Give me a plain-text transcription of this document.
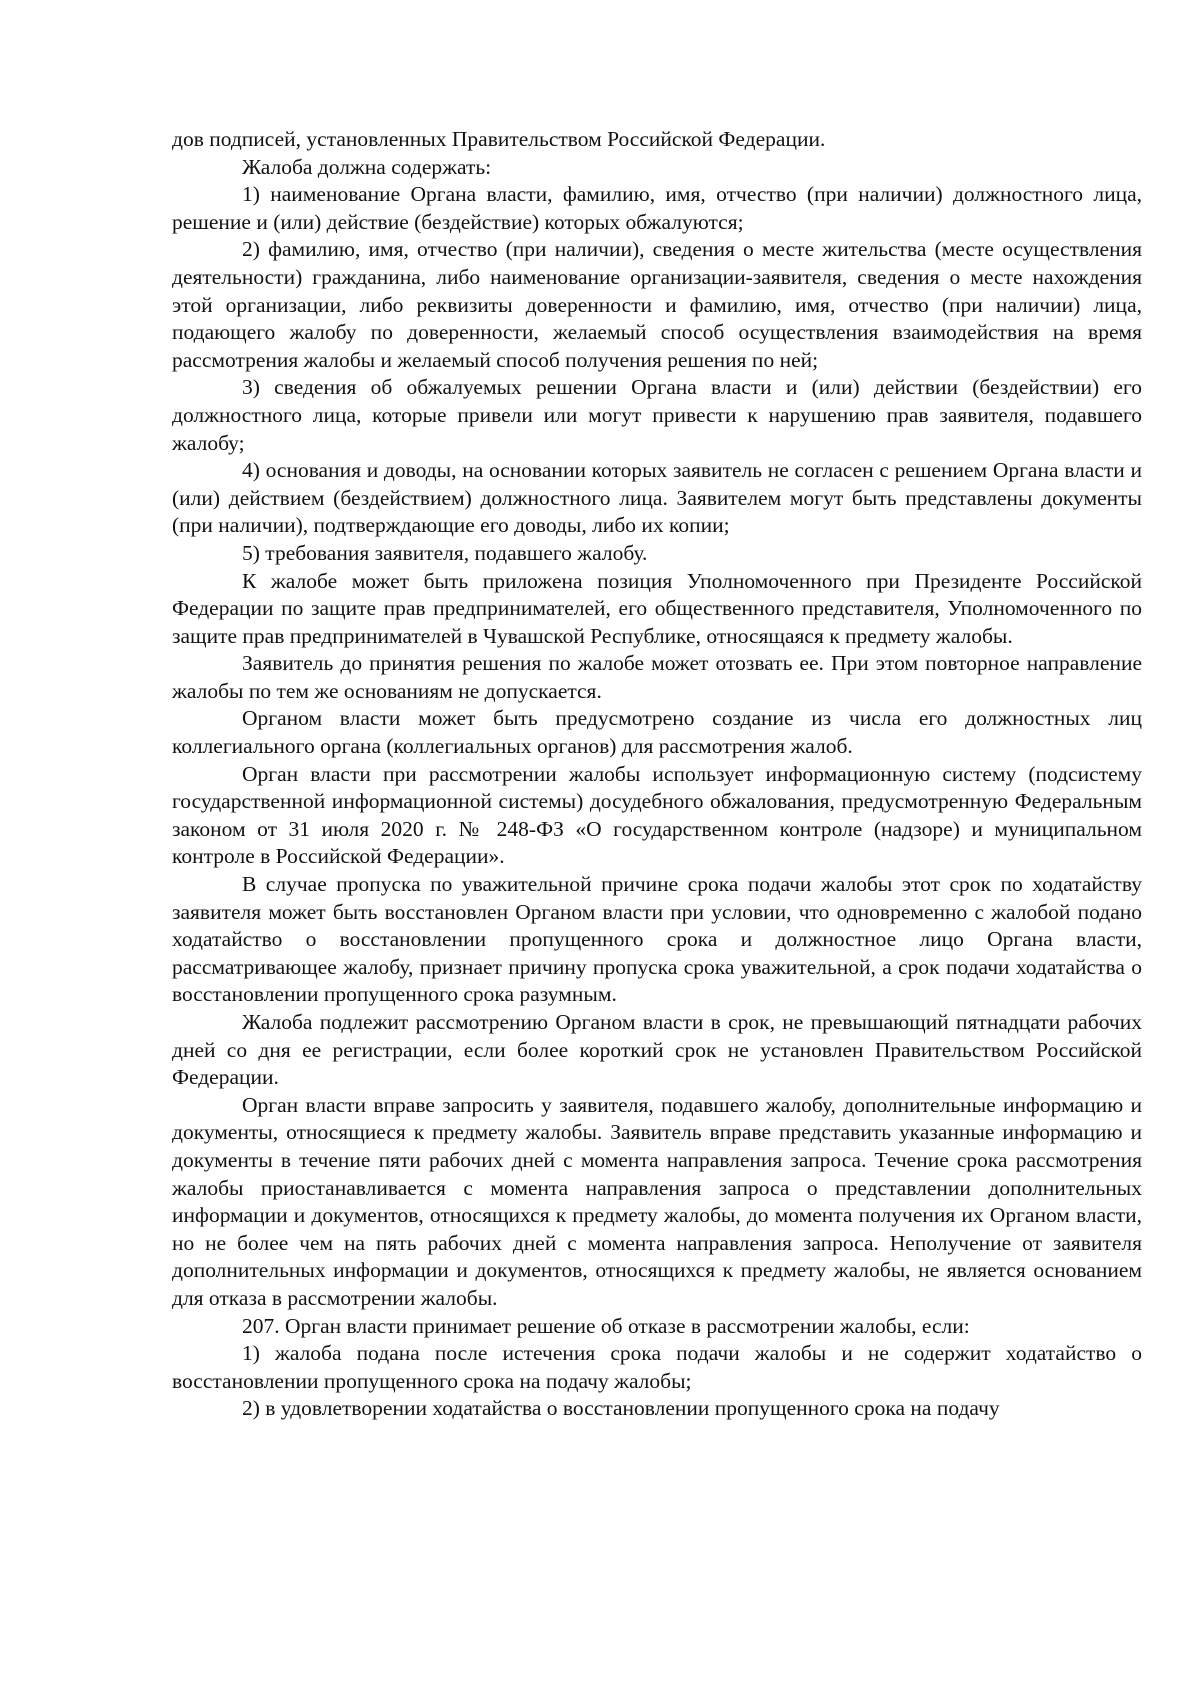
дов подписей, установленных Правительством Российской Федерации.

Жалоба должна содержать:

1) наименование Органа власти, фамилию, имя, отчество (при наличии) должностного лица, решение и (или) действие (бездействие) которых обжалуются;

2) фамилию, имя, отчество (при наличии), сведения о месте жительства (месте осуществления деятельности) гражданина, либо наименование организации-заявителя, сведения о месте нахождения этой организации, либо реквизиты доверенности и фамилию, имя, отчество (при наличии) лица, подающего жалобу по доверенности, желаемый способ осуществления взаимодействия на время рассмотрения жалобы и желаемый способ получения решения по ней;

3) сведения об обжалуемых решении Органа власти и (или) действии (бездействии) его должностного лица, которые привели или могут привести к нарушению прав заявителя, подавшего жалобу;

4) основания и доводы, на основании которых заявитель не согласен с решением Органа власти и (или) действием (бездействием) должностного лица. Заявителем могут быть представлены документы (при наличии), подтверждающие его доводы, либо их копии;

5) требования заявителя, подавшего жалобу.

К жалобе может быть приложена позиция Уполномоченного при Президенте Российской Федерации по защите прав предпринимателей, его общественного представителя, Уполномоченного по защите прав предпринимателей в Чувашской Республике, относящаяся к предмету жалобы.

Заявитель до принятия решения по жалобе может отозвать ее. При этом повторное направление жалобы по тем же основаниям не допускается.

Органом власти может быть предусмотрено создание из числа его должностных лиц коллегиального органа (коллегиальных органов) для рассмотрения жалоб.

Орган власти при рассмотрении жалобы использует информационную систему (подсистему государственной информационной системы) досудебного обжалования, предусмотренную Федеральным законом от 31 июля 2020 г. № 248-ФЗ «О государственном контроле (надзоре) и муниципальном контроле в Российской Федерации».

В случае пропуска по уважительной причине срока подачи жалобы этот срок по ходатайству заявителя может быть восстановлен Органом власти при условии, что одновременно с жалобой подано ходатайство о восстановлении пропущенного срока и должностное лицо Органа власти, рассматривающее жалобу, признает причину пропуска срока уважительной, а срок подачи ходатайства о восстановлении пропущенного срока разумным.

Жалоба подлежит рассмотрению Органом власти в срок, не превышающий пятнадцати рабочих дней со дня ее регистрации, если более короткий срок не установлен Правительством Российской Федерации.

Орган власти вправе запросить у заявителя, подавшего жалобу, дополнительные информацию и документы, относящиеся к предмету жалобы. Заявитель вправе представить указанные информацию и документы в течение пяти рабочих дней с момента направления запроса. Течение срока рассмотрения жалобы приостанавливается с момента направления запроса о представлении дополнительных информации и документов, относящихся к предмету жалобы, до момента получения их Органом власти, но не более чем на пять рабочих дней с момента направления запроса. Неполучение от заявителя дополнительных информации и документов, относящихся к предмету жалобы, не является основанием для отказа в рассмотрении жалобы.

207. Орган власти принимает решение об отказе в рассмотрении жалобы, если:

1) жалоба подана после истечения срока подачи жалобы и не содержит ходатайство о восстановлении пропущенного срока на подачу жалобы;

2) в удовлетворении ходатайства о восстановлении пропущенного срока на подачу
